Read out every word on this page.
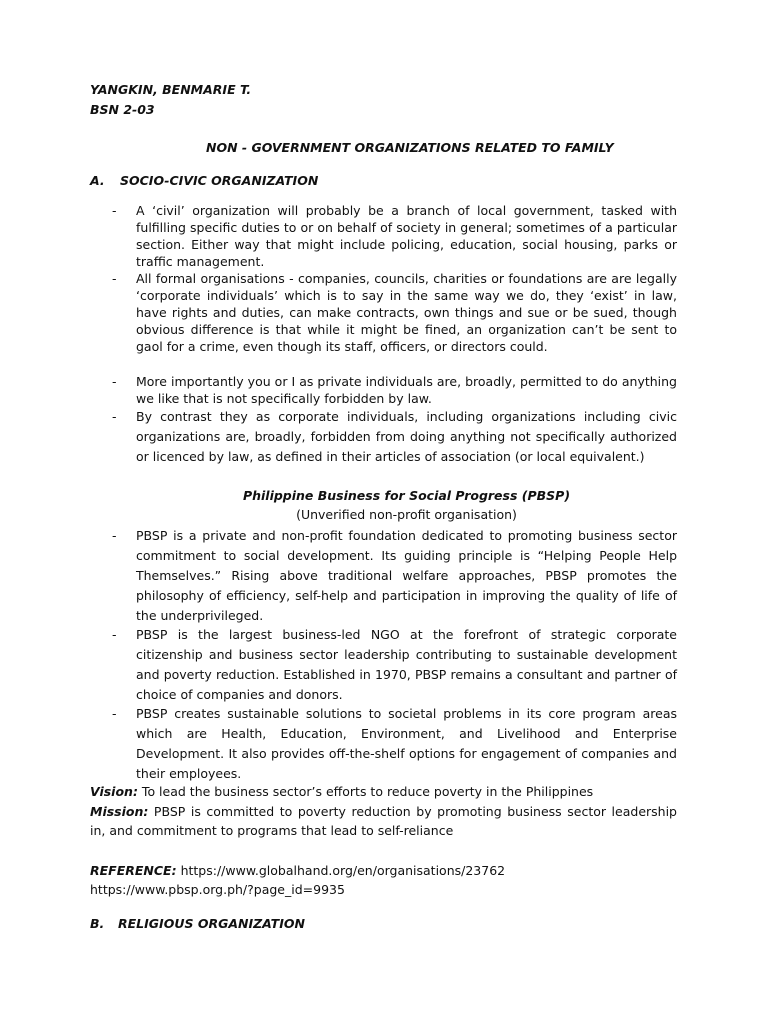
YANGKIN, BENMARIE T.
BSN 2-03
NON - GOVERNMENT ORGANIZATIONS RELATED TO FAMILY
A. SOCIO-CIVIC ORGANIZATION
- A ‘civil’ organization will probably be a branch of local government, tasked with fulfilling specific duties to or on behalf of society in general; sometimes of a particular section. Either way that might include policing, education, social housing, parks or traffic management.
- All formal organisations - companies, councils, charities or foundations are are legally ‘corporate individuals’ which is to say in the same way we do, they ‘exist’ in law, have rights and duties, can make contracts, own things and sue or be sued, though obvious difference is that while it might be fined, an organization can’t be sent to gaol for a crime, even though its staff, officers, or directors could.
- More importantly you or I as private individuals are, broadly, permitted to do anything we like that is not specifically forbidden by law.
- By contrast they as corporate individuals, including organizations including civic organizations are, broadly, forbidden from doing anything not specifically authorized or licenced by law, as defined in their articles of association (or local equivalent.)
Philippine Business for Social Progress (PBSP)
(Unverified non-profit organisation)
- PBSP is a private and non-profit foundation dedicated to promoting business sector commitment to social development. Its guiding principle is “Helping People Help Themselves.” Rising above traditional welfare approaches, PBSP promotes the philosophy of efficiency, self-help and participation in improving the quality of life of the underprivileged.
- PBSP is the largest business-led NGO at the forefront of strategic corporate citizenship and business sector leadership contributing to sustainable development and poverty reduction. Established in 1970, PBSP remains a consultant and partner of choice of companies and donors.
- PBSP creates sustainable solutions to societal problems in its core program areas which are Health, Education, Environment, and Livelihood and Enterprise Development. It also provides off-the-shelf options for engagement of companies and their employees.
Vision: To lead the business sector’s efforts to reduce poverty in the Philippines
Mission: PBSP is committed to poverty reduction by promoting business sector leadership in, and commitment to programs that lead to self-reliance
REFERENCE: https://www.globalhand.org/en/organisations/23762
https://www.pbsp.org.ph/?page_id=9935
B. RELIGIOUS ORGANIZATION
